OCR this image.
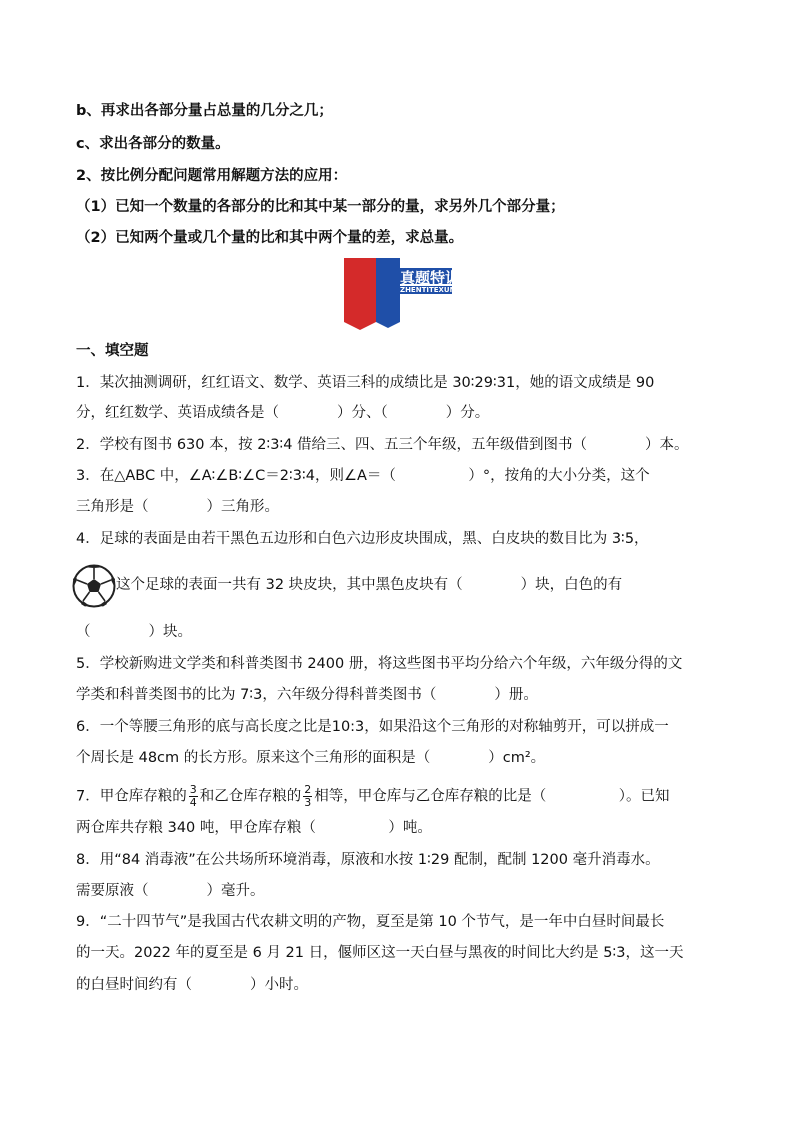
b、再求出各部分量占总量的几分之几；
c、求出各部分的数量。
2、按比例分配问题常用解题方法的应用：
（1）已知一个数量的各部分的比和其中某一部分的量，求另外几个部分量；
（2）已知两个量或几个量的比和其中两个量的差，求总量。
真题特训
ZHENTITEXUN
一、填空题
1．某次抽测调研，红红语文、数学、英语三科的成绩比是 30∶29∶31，她的语文成绩是 90
分，红红数学、英语成绩各是（　　　　）分、（　　　　）分。
2．学校有图书 630 本，按 2∶3∶4 借给三、四、五三个年级，五年级借到图书（　　　　）本。
3．在△ABC 中，∠A∶∠B∶∠C＝2∶3∶4，则∠A＝（　　　　　）°，按角的大小分类，这个
三角形是（　　　　）三角形。
4．足球的表面是由若干黑色五边形和白色六边形皮块围成，黑、白皮块的数目比为 3∶5，
这个足球的表面一共有 32 块皮块，其中黑色皮块有（　　　　）块，白色的有
（　　　　）块。
5．学校新购进文学类和科普类图书 2400 册，将这些图书平均分给六个年级，六年级分得的文
学类和科普类图书的比为 7∶3，六年级分得科普类图书（　　　　）册。
6．一个等腰三角形的底与高长度之比是10:3，如果沿这个三角形的对称轴剪开，可以拼成一
个周长是 48cm 的长方形。原来这个三角形的面积是（　　　　）cm²。
7．甲仓库存粮的 $\frac{3}{4}$ 和乙仓库存粮的 $\frac{2}{3}$ 相等，甲仓库与乙仓库存粮的比是（　　　　　）。已知
两仓库共存粮 340 吨，甲仓库存粮（　　　　　）吨。
8．用“84 消毒液”在公共场所环境消毒，原液和水按 1∶29 配制，配制 1200 毫升消毒水。
需要原液（　　　　）毫升。
9．“二十四节气”是我国古代农耕文明的产物，夏至是第 10 个节气，是一年中白昼时间最长
的一天。2022 年的夏至是 6 月 21 日，偃师区这一天白昼与黑夜的时间比大约是 5∶3，这一天
的白昼时间约有（　　　　）小时。
